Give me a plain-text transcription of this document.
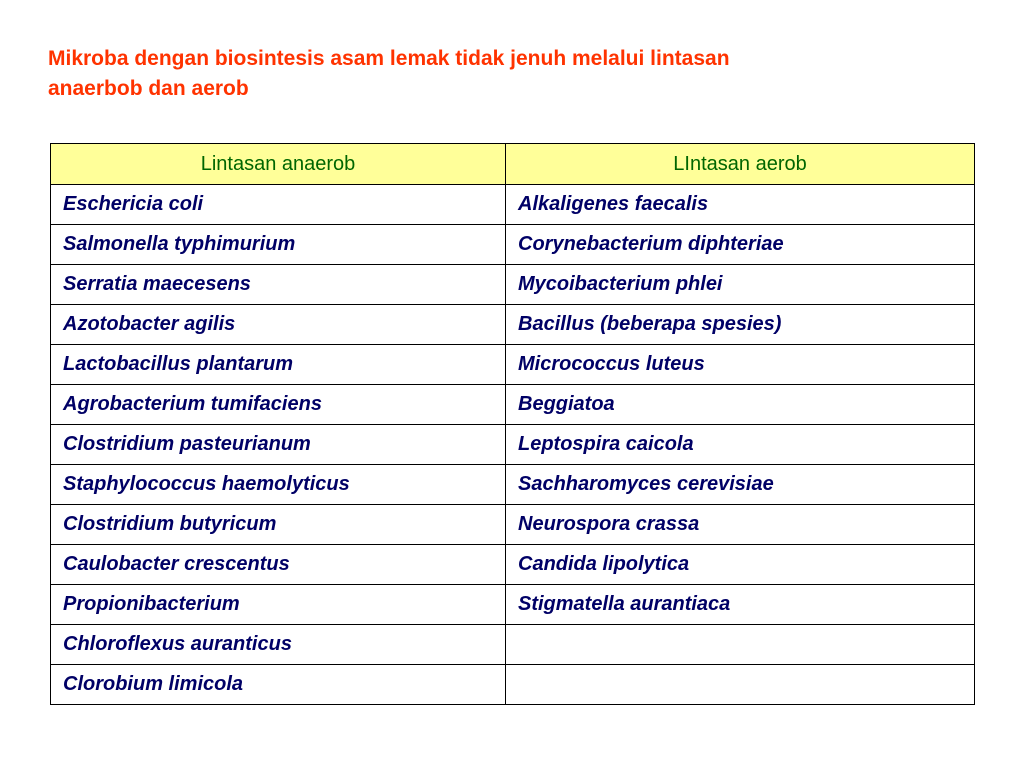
Mikroba dengan biosintesis asam lemak tidak jenuh melalui lintasan
anaerbob dan aerob
Lintasan anaerob	LIntasan aerob
Eschericia coli	Alkaligenes faecalis
Salmonella typhimurium	Corynebacterium diphteriae
Serratia maecesens	Mycoibacterium phlei
Azotobacter agilis	Bacillus (beberapa spesies)
Lactobacillus plantarum	Micrococcus luteus
Agrobacterium tumifaciens	Beggiatoa
Clostridium pasteurianum	Leptospira caicola
Staphylococcus haemolyticus	Sachharomyces cerevisiae
Clostridium butyricum	Neurospora crassa
Caulobacter crescentus	Candida lipolytica
Propionibacterium	Stigmatella aurantiaca
Chloroflexus auranticus	
Clorobium limicola	
